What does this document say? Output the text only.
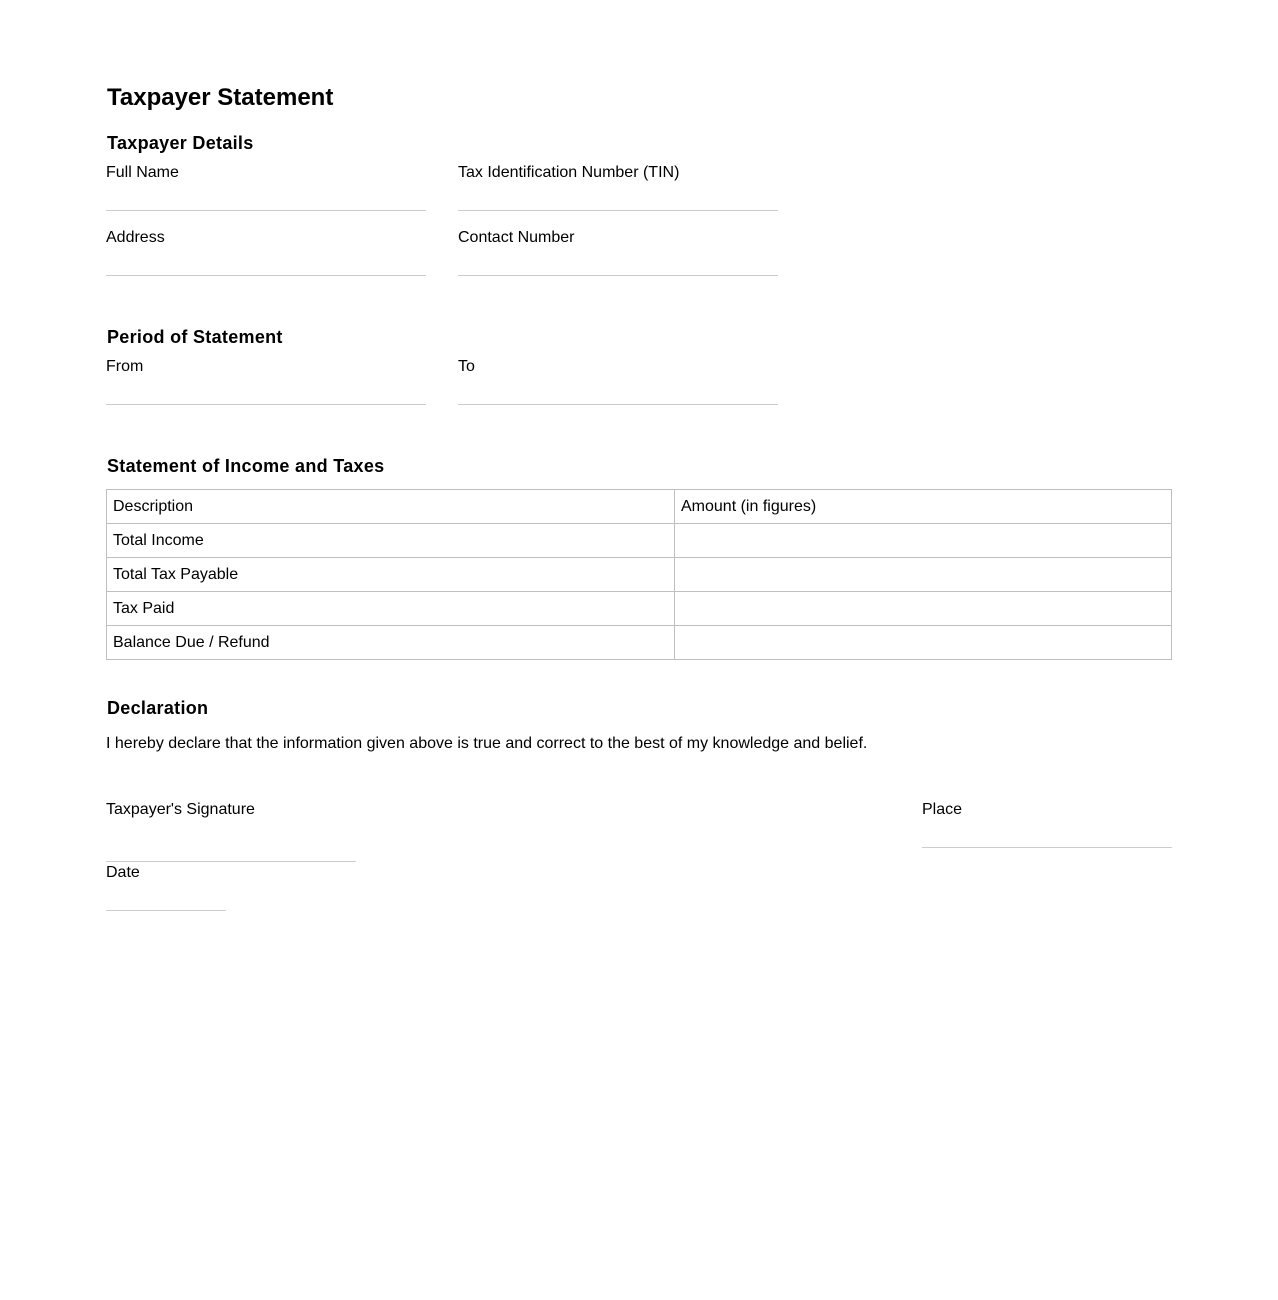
Taxpayer Statement
Taxpayer Details
Full Name	Tax Identification Number (TIN)
Address	Contact Number
Period of Statement
From	To
Statement of Income and Taxes
Description	Amount (in figures)
Total Income	
Total Tax Payable	
Tax Paid	
Balance Due / Refund	
Declaration
I hereby declare that the information given above is true and correct to the best of my knowledge and belief.
Taxpayer's Signature	Place
Date
